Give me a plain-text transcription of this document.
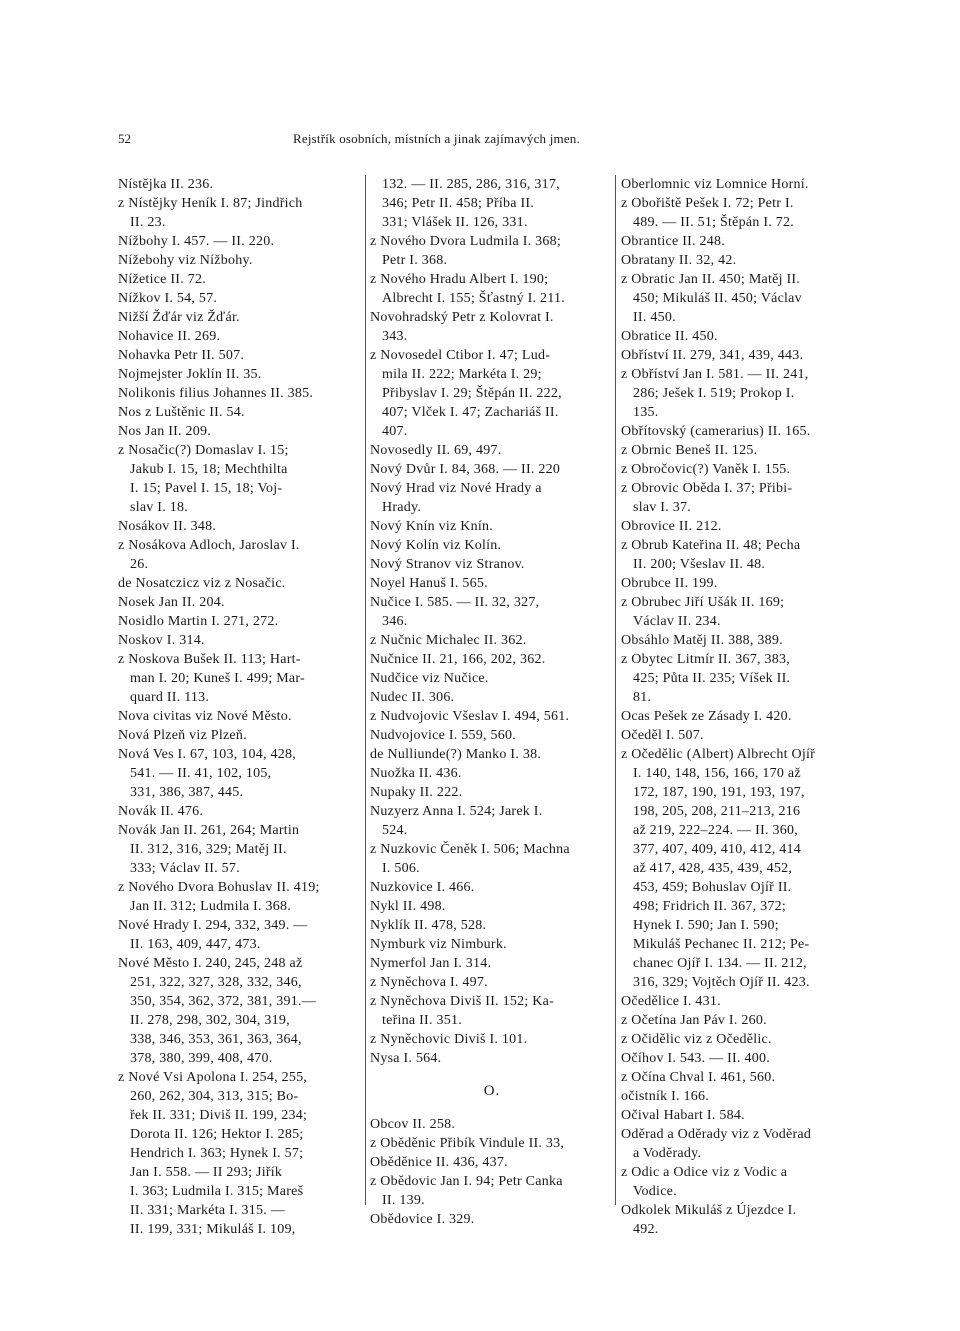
52	Rejstřík osobních, místních a jinak zajímavých jmen.
Nístějka II. 236.
z Nístějky Heník I. 87; Jindřich
II. 23.
Nížbohy I. 457. — II. 220.
Nížebohy viz Nížbohy.
Nížetice II. 72.
Nížkov I. 54, 57.
Nižší Žďár viz Žďár.
Nohavice II. 269.
Nohavka Petr II. 507.
Nojmejster Joklín II. 35.
Nolikonis filius Johannes II. 385.
Nos z Luštěnic II. 54.
Nos Jan II. 209.
z Nosačic(?) Domaslav I. 15;
Jakub I. 15, 18; Mechthilta
I. 15; Pavel I. 15, 18; Voj-
slav I. 18.
Nosákov II. 348.
z Nosákova Adloch, Jaroslav I.
26.
de Nosatczicz viz z Nosačic.
Nosek Jan II. 204.
Nosidlo Martin I. 271, 272.
Noskov I. 314.
z Noskova Bušek II. 113; Hart-
man I. 20; Kuneš I. 499; Mar-
quard II. 113.
Nova civitas viz Nové Město.
Nová Plzeň viz Plzeň.
Nová Ves I. 67, 103, 104, 428,
541. — II. 41, 102, 105,
331, 386, 387, 445.
Novák II. 476.
Novák Jan II. 261, 264; Martin
II. 312, 316, 329; Matěj II.
333; Václav II. 57.
z Nového Dvora Bohuslav II. 419;
Jan II. 312; Ludmila I. 368.
Nové Hrady I. 294, 332, 349. —
II. 163, 409, 447, 473.
Nové Město I. 240, 245, 248 až
251, 322, 327, 328, 332, 346,
350, 354, 362, 372, 381, 391.—
II. 278, 298, 302, 304, 319,
338, 346, 353, 361, 363, 364,
378, 380, 399, 408, 470.
z Nové Vsi Apolona I. 254, 255,
260, 262, 304, 313, 315; Bo-
řek II. 331; Diviš II. 199, 234;
Dorota II. 126; Hektor I. 285;
Hendrich I. 363; Hynek I. 57;
Jan I. 558. — II 293; Jiřík
I. 363; Ludmila I. 315; Mareš
II. 331; Markéta I. 315. —
II. 199, 331; Mikuláš I. 109,
132. — II. 285, 286, 316, 317,
346; Petr II. 458; Příba II.
331; Vlášek II. 126, 331.
z Nového Dvora Ludmila I. 368;
Petr I. 368.
z Nového Hradu Albert I. 190;
Albrecht I. 155; Šťastný I. 211.
Novohradský Petr z Kolovrat I.
343.
z Novosedel Ctibor I. 47; Lud-
mila II. 222; Markéta I. 29;
Přibyslav I. 29; Štěpán II. 222,
407; Vlček I. 47; Zachariáš II.
407.
Novosedly II. 69, 497.
Nový Dvůr I. 84, 368. — II. 220
Nový Hrad viz Nové Hrady a
Hrady.
Nový Knín viz Knín.
Nový Kolín viz Kolín.
Nový Stranov viz Stranov.
Noyel Hanuš I. 565.
Nučice I. 585. — II. 32, 327,
346.
z Nučnic Michalec II. 362.
Nučnice II. 21, 166, 202, 362.
Nudčice viz Nučice.
Nudec II. 306.
z Nudvojovic Všeslav I. 494, 561.
Nudvojovice I. 559, 560.
de Nulliunde(?) Manko I. 38.
Nuožka II. 436.
Nupaky II. 222.
Nuzyerz Anna I. 524; Jarek I.
524.
z Nuzkovic Čeněk I. 506; Machna
I. 506.
Nuzkovice I. 466.
Nykl II. 498.
Nyklík II. 478, 528.
Nymburk viz Nimburk.
Nymerfol Jan I. 314.
z Nyněchova I. 497.
z Nyněchova Diviš II. 152; Ka-
teřina II. 351.
z Nyněchovic Diviš I. 101.
Nysa I. 564.
O.
Obcov II. 258.
z Oběděnic Přibík Vindule II. 33,
Oběděnice II. 436, 437.
z Obědovic Jan I. 94; Petr Canka
II. 139.
Obědovice I. 329.
Oberlomnic viz Lomnice Horní.
z Obořiště Pešek I. 72; Petr I.
489. — II. 51; Štěpán I. 72.
Obrantice II. 248.
Obratany II. 32, 42.
z Obratic Jan II. 450; Matěj II.
450; Mikuláš II. 450; Václav
II. 450.
Obratice II. 450.
Obříství II. 279, 341, 439, 443.
z Obříství Jan I. 581. — II. 241,
286; Ješek I. 519; Prokop I.
135.
Obřítovský (camerarius) II. 165.
z Obrnic Beneš II. 125.
z Obročovic(?) Vaněk I. 155.
z Obrovic Oběda I. 37; Přibi-
slav I. 37.
Obrovice II. 212.
z Obrub Kateřina II. 48; Pecha
II. 200; Všeslav II. 48.
Obrubce II. 199.
z Obrubec Jiří Ušák II. 169;
Václav II. 234.
Obsáhlo Matěj II. 388, 389.
z Obytec Litmír II. 367, 383,
425; Půta II. 235; Víšek II.
81.
Ocas Pešek ze Zásady I. 420.
Očeděl I. 507.
z Očedělic (Albert) Albrecht Ojíř
I. 140, 148, 156, 166, 170 až
172, 187, 190, 191, 193, 197,
198, 205, 208, 211–213, 216
až 219, 222–224. — II. 360,
377, 407, 409, 410, 412, 414
až 417, 428, 435, 439, 452,
453, 459; Bohuslav Ojíř II.
498; Fridrich II. 367, 372;
Hynek I. 590; Jan I. 590;
Mikuláš Pechanec II. 212; Pe-
chanec Ojíř I. 134. — II. 212,
316, 329; Vojtěch Ojíř II. 423.
Očedělice I. 431.
z Očetína Jan Páv I. 260.
z Očidělic viz z Očedělic.
Očíhov I. 543. — II. 400.
z Očína Chval I. 461, 560.
očistník I. 166.
Očival Habart I. 584.
Oděrad a Oděrady viz z Voděrad
a Voděrady.
z Odic a Odice viz z Vodic a
Vodice.
Odkolek Mikuláš z Újezdce I.
492.
